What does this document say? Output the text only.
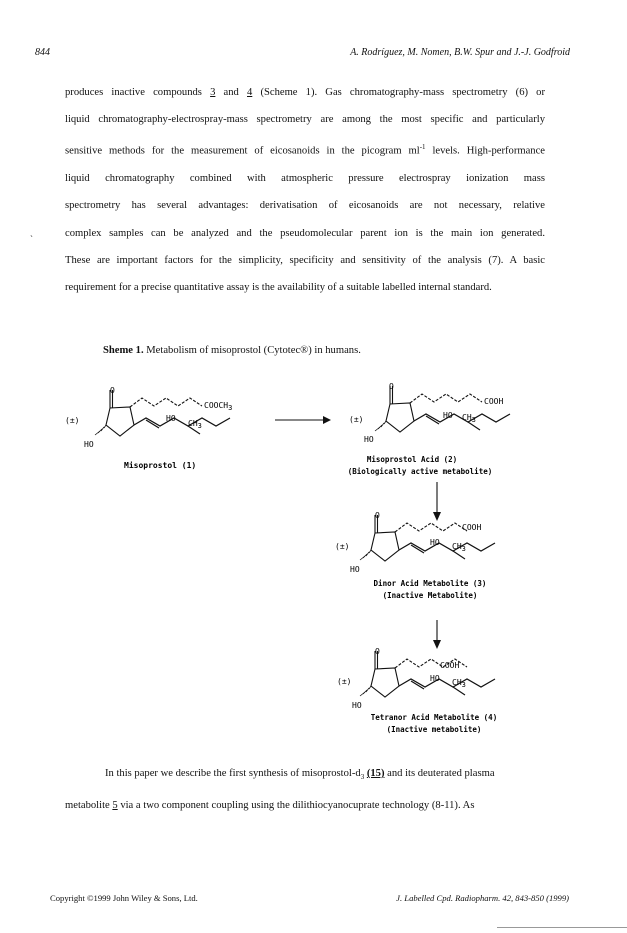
844	A. Rodríguez, M. Nomen, B.W. Spur and J.-J. Godfroid
`
produces inactive compounds 3 and 4 (Scheme 1). Gas chromatography-mass spectrometry (6) or
liquid chromatography-electrospray-mass spectrometry are among the most specific and particularly
sensitive methods for the measurement of eicosanoids in the picogram $ml^{-1}$ levels. High-performance
liquid chromatography combined with atmospheric pressure electrospray ionization mass
spectrometry has several advantages: derivatisation of eicosanoids are not necessary, relative
complex samples can be analyzed and the pseudomolecular parent ion is the main ion generated.
These are important factors for the simplicity, specificity and sensitivity of the analysis (7). A basic
requirement for a precise quantitative assay is the availability of a suitable labelled internal standard.
Sheme 1. Metabolism of misoprostol (Cytotec®) in humans.
O
(±)
HO
HO
CH3
COOCH3
Misoprostol (1)
O
(±)
HO
HO CH3
COOH
Misoprostol Acid (2)
(Biologically active metabolite)
O
(±)
HO
HO CH3
COOH
Dinor Acid Metabolite (3)
(Inactive Metabolite)
O
(±)
HO
HO CH3
COOH
Tetranor Acid Metabolite (4)
(Inactive metabolite)
In this paper we describe the first synthesis of misoprostol-$d_3$ (15) and its deuterated plasma
metabolite 5 via a two component coupling using the dilithiocyanocuprate technology (8-11). As
Copyright ©1999 John Wiley & Sons, Ltd.	J. Labelled Cpd. Radiopharm. 42, 843-850 (1999)
